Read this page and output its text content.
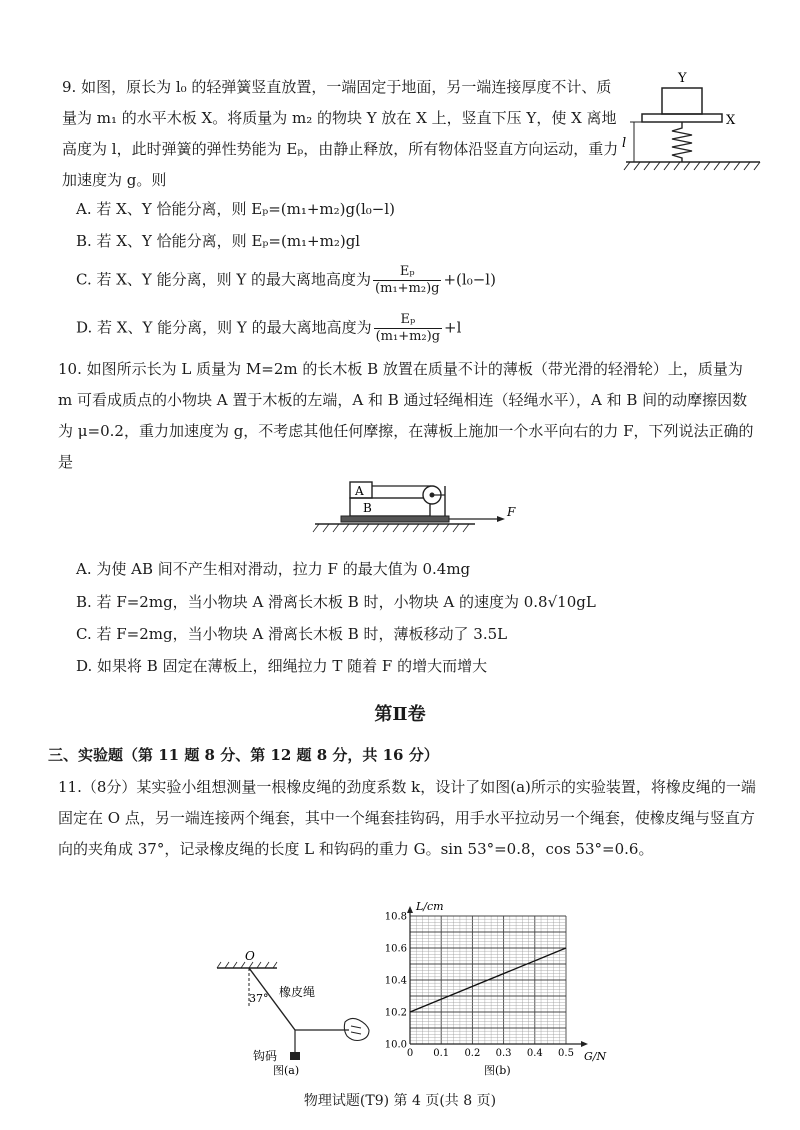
9. 如图，原长为 l₀ 的轻弹簧竖直放置，一端固定于地面，另一端连接厚度不计、质量为 m₁ 的水平木板 X。将质量为 m₂ 的物块 Y 放在 X 上，竖直下压 Y，使 X 离地高度为 l，此时弹簧的弹性势能为 Eₚ，由静止释放，所有物体沿竖直方向运动，重力加速度为 g。则
Y
X
l
A. 若 X、Y 恰能分离，则 Eₚ=(m₁+m₂)g(l₀−l)
B. 若 X、Y 恰能分离，则 Eₚ=(m₁+m₂)gl
C. 若 X、Y 能分离，则 Y 的最大离地高度为 $\frac{\text{Eₚ}}{\text{(m₁+m₂)g}} +(l_0-l)$
D. 若 X、Y 能分离，则 Y 的最大离地高度为 $\frac{\text{Eₚ}}{\text{(m₁+m₂)g}} +l$
10. 如图所示长为 L 质量为 M=2m 的长木板 B 放置在质量不计的薄板（带光滑的轻滑轮）上，质量为 m 可看成质点的小物块 A 置于木板的左端，A 和 B 通过轻绳相连（轻绳水平），A 和 B 间的动摩擦因数为 μ=0.2，重力加速度为 g，不考虑其他任何摩擦，在薄板上施加一个水平向右的力 F，下列说法正确的是
A
B	F
A. 为使 AB 间不产生相对滑动，拉力 F 的最大值为 0.4mg
B. 若 F=2mg，当小物块 A 滑离长木板 B 时，小物块 A 的速度为 0.8√10gL
C. 若 F=2mg，当小物块 A 滑离长木板 B 时，薄板移动了 3.5L
D. 如果将 B 固定在薄板上，细绳拉力 T 随着 F 的增大而增大
第Ⅱ卷
三、实验题（第 11 题 8 分、第 12 题 8 分，共 16 分）
11.（8分）某实验小组想测量一根橡皮绳的劲度系数 k，设计了如图(a)所示的实验装置，将橡皮绳的一端固定在 O 点，另一端连接两个绳套，其中一个绳套挂钩码，用手水平拉动另一个绳套，使橡皮绳与竖直方向的夹角成 37°，记录橡皮绳的长度 L 和钩码的重力 G。sin 53°=0.8，cos 53°=0.6。
O
37° 橡皮绳
钩码
图(a)
0 0.1 0.2 0.3 0.4 0.5
10.0
10.2
10.4
10.6
10.8
L/cm
G/N
图(b)
物理试题(T9) 第 4 页(共 8 页)
